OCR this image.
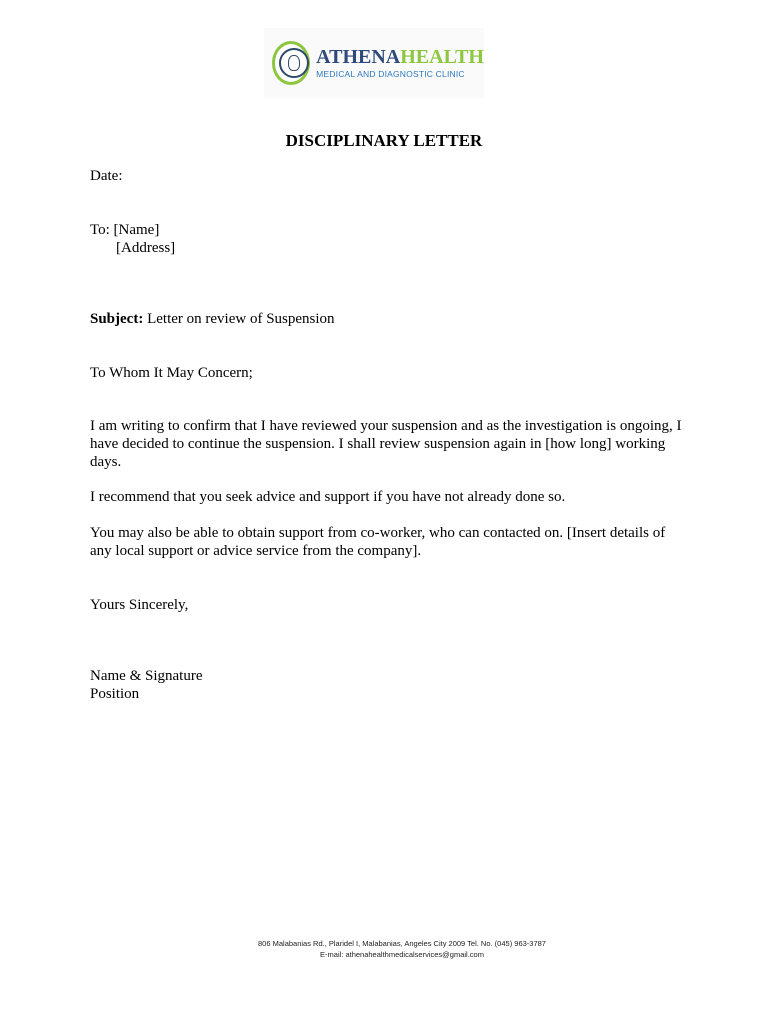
ATHENAHEALTH
MEDICAL AND DIAGNOSTIC CLINIC
DISCIPLINARY LETTER
Date:
To: [Name]
[Address]
Subject: Letter on review of Suspension
To Whom It May Concern;
I am writing to confirm that I have reviewed your suspension and as the investigation is ongoing, I have decided to continue the suspension. I shall review suspension again in [how long] working days.
I recommend that you seek advice and support if you have not already done so.
You may also be able to obtain support from co-worker, who can contacted on. [Insert details of any local support or advice service from the company].
Yours Sincerely,
Name & Signature
Position
806 Malabanias Rd., Plaridel I, Malabanias, Angeles City 2009 Tel. No. (045) 963-3787
E-mail: athenahealthmedicalservices@gmail.com
